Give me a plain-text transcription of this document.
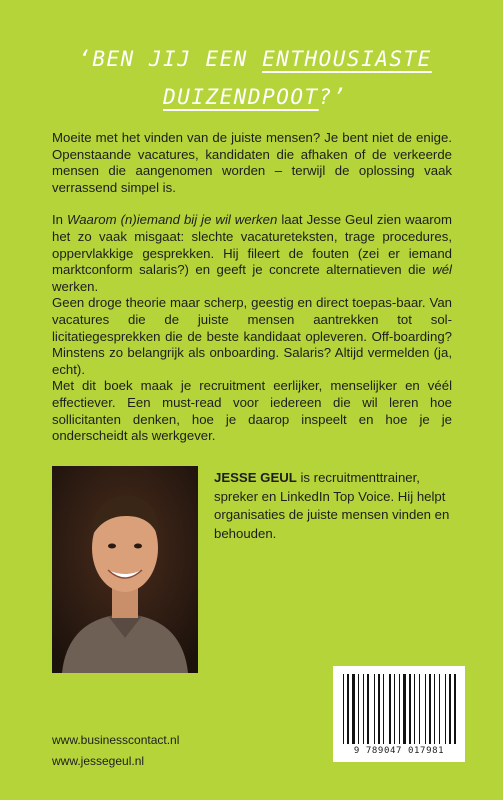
‘BEN JIJ EEN ENTHOUSIASTE
DUIZENDPOOT?’

Moeite met het vinden van de juiste mensen? Je bent niet de enige. Openstaande vacatures, kandidaten die afhaken of de verkeerde mensen die aangenomen worden – terwijl de oplossing vaak verrassend simpel is.

In Waarom (n)iemand bij je wil werken laat Jesse Geul zien waarom het zo vaak misgaat: slechte vacatureteksten, trage procedures, oppervlakkige gesprekken. Hij fileert de fouten (zei er iemand marktconform salaris?) en geeft je concrete alternatieven die wél werken.

Geen droge theorie maar scherp, geestig en direct toepas-baar. Van vacatures die de juiste mensen aantrekken tot sol-licitatiegesprekken die de beste kandidaat opleveren. Off-boarding? Minstens zo belangrijk als onboarding. Salaris? Altijd vermelden (ja, echt).

Met dit boek maak je recruitment eerlijker, menselijker en véél effectiever. Een must-read voor iedereen die wil leren hoe sollicitanten denken, hoe je daarop inspeelt en hoe je je onderscheidt als werkgever.

JESSE GEUL is recruitmenttrainer, spreker en LinkedIn Top Voice. Hij helpt organisaties de juiste mensen vinden en behouden.
www.businesscontact.nl
www.jessegeul.nl
9 789047 017981
